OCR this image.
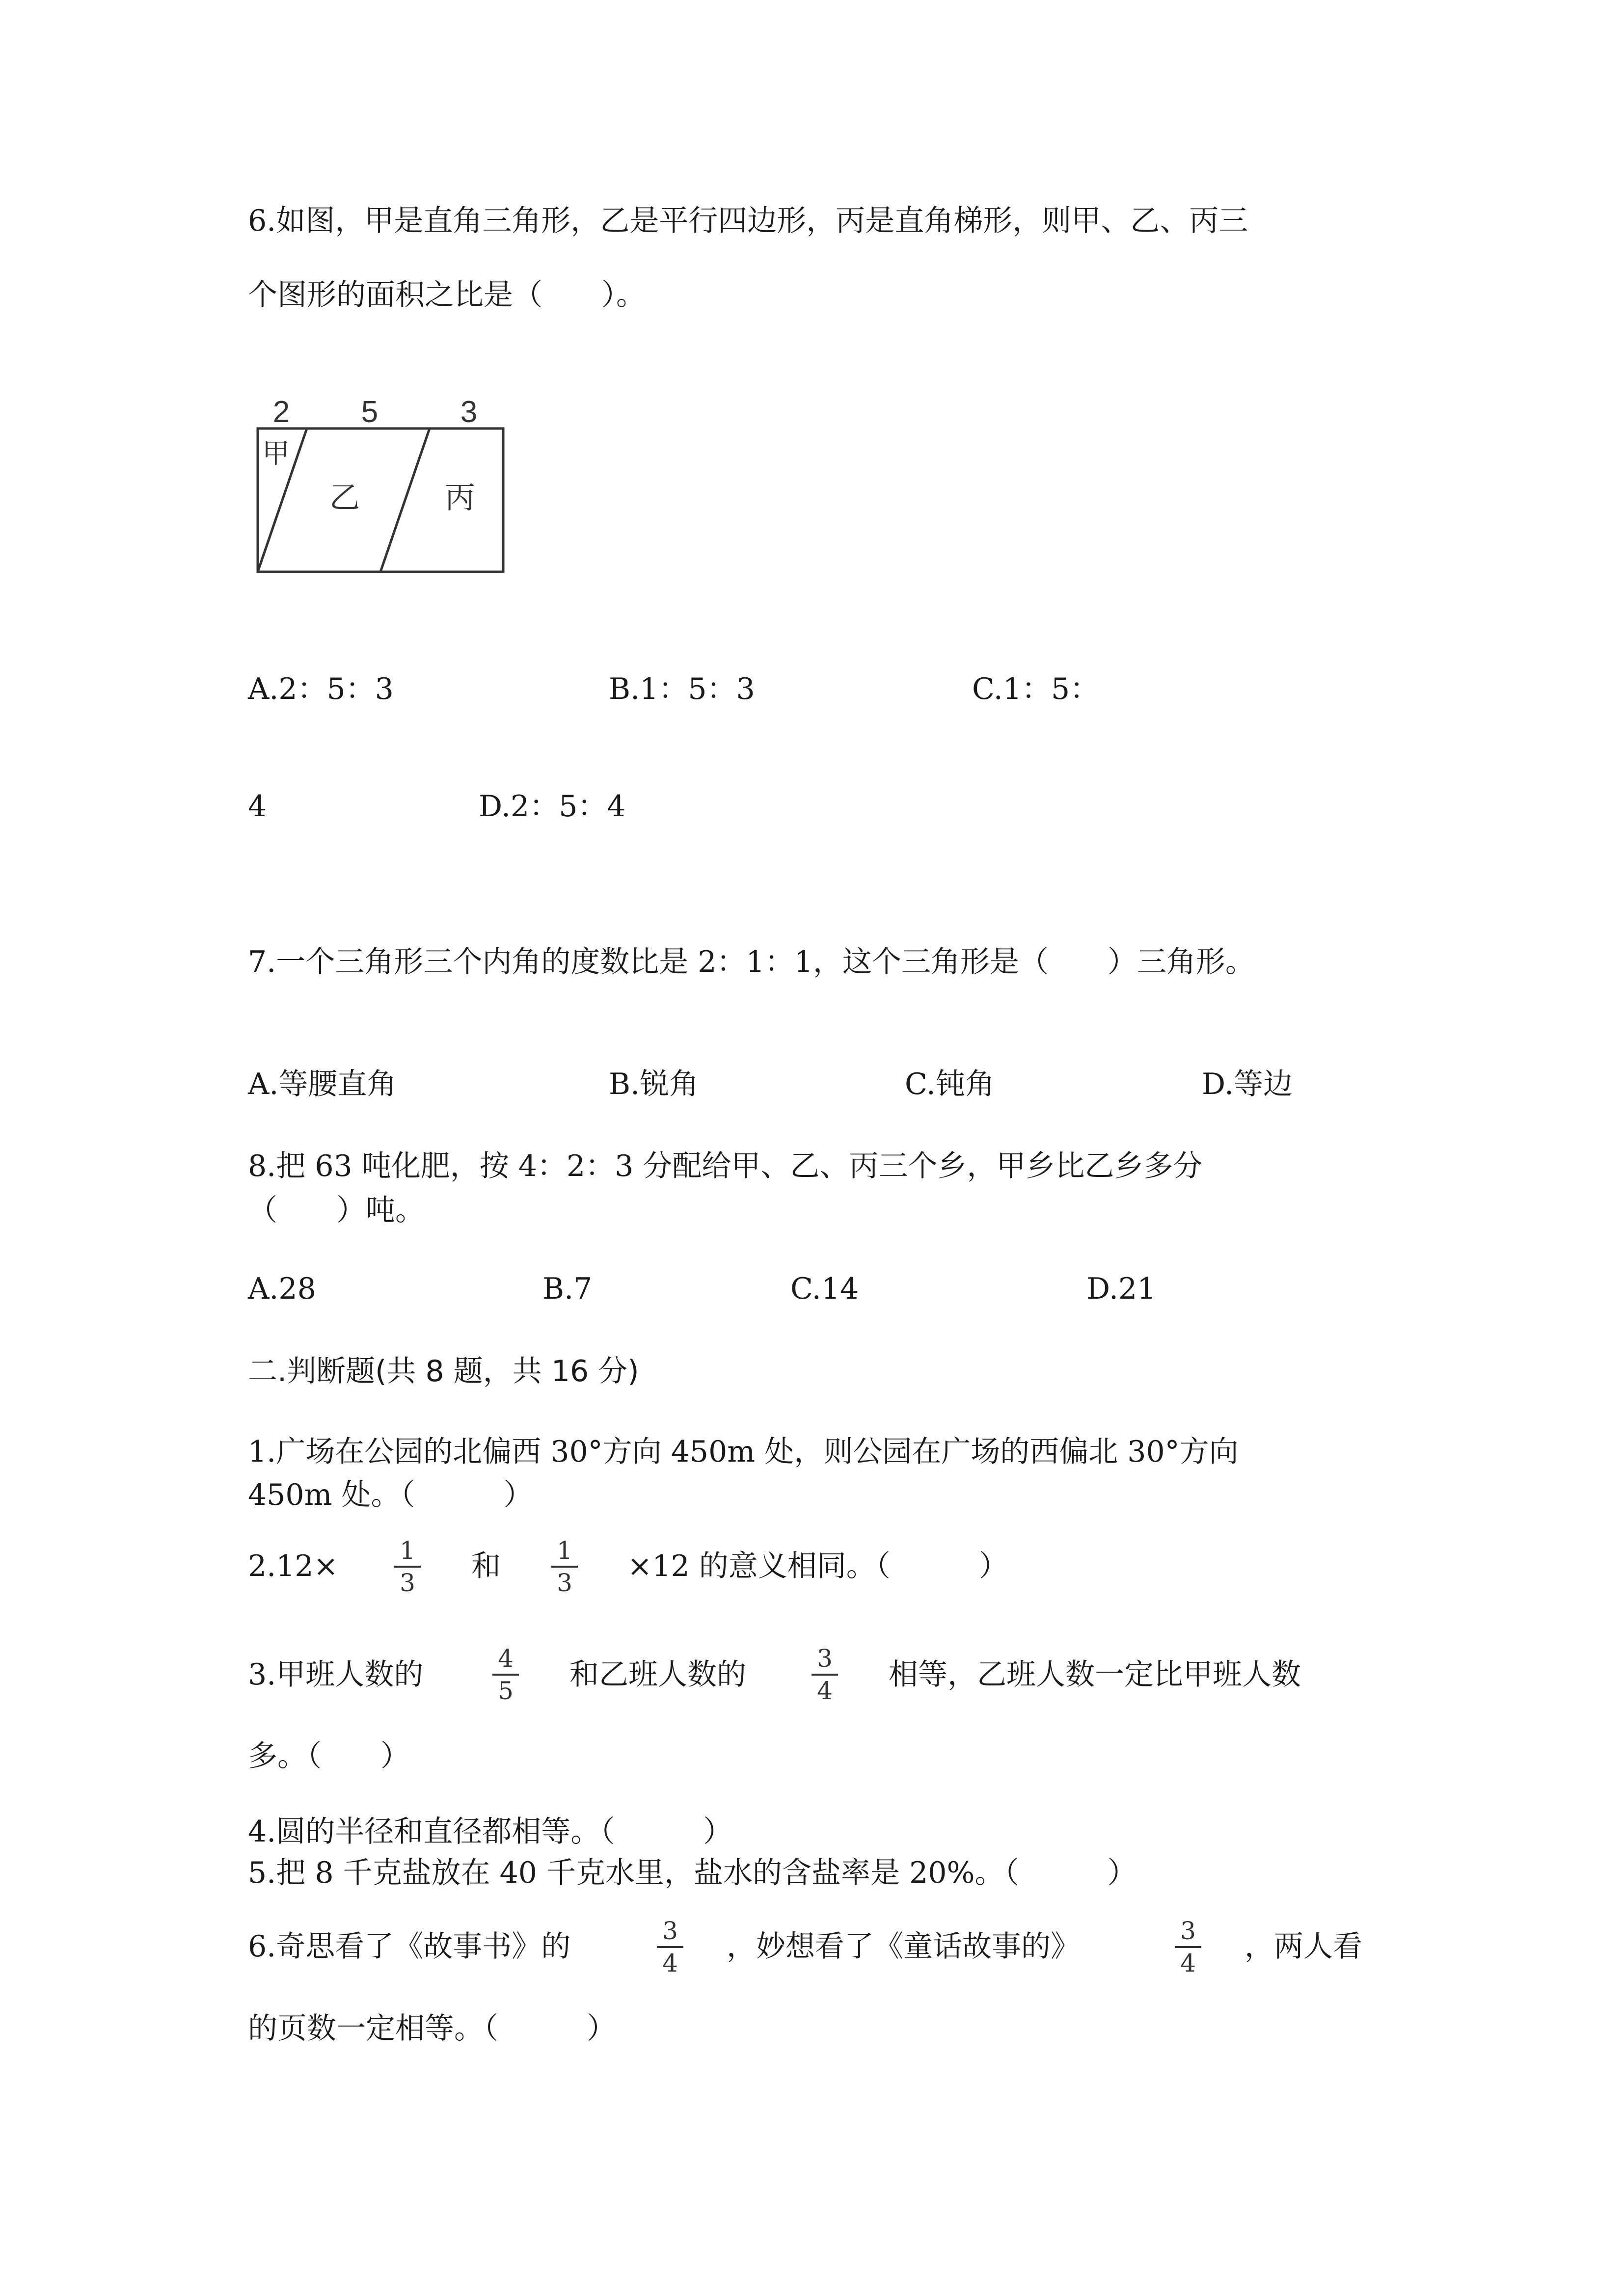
6.如图，甲是直角三角形，乙是平行四边形，丙是直角梯形，则甲、乙、丙三
个图形的面积之比是（　　）。
2 5	3
甲
乙	丙
A.2：5：3	B.1：5：3	C.1：5：
4	D.2：5：4
7.一个三角形三个内角的度数比是 2：1：1，这个三角形是（　　）三角形。
A.等腰直角	B.锐角	C.钝角	D.等边
8.把 63 吨化肥，按 4：2：3 分配给甲、乙、丙三个乡，甲乡比乙乡多分
（　　）吨。
A.28	B.7	C.14	D.21
二.判断题(共 8 题，共 16 分)
1.广场在公园的北偏西 30°方向 450m 处，则公园在广场的西偏北 30°方向
450m 处。（　　　）
2.12×	1
3	和	1
3	×12 的意义相同。（　　　）
3.甲班人数的	4
5	和乙班人数的	3
4	相等，乙班人数一定比甲班人数
多。（　　）
4.圆的半径和直径都相等。（　　　）
5.把 8 千克盐放在 40 千克水里，盐水的含盐率是 20%。（　　　）
6.奇思看了《故事书》的	3
4	，妙想看了《童话故事的》	3
4	，两人看
的页数一定相等。（　　　）
